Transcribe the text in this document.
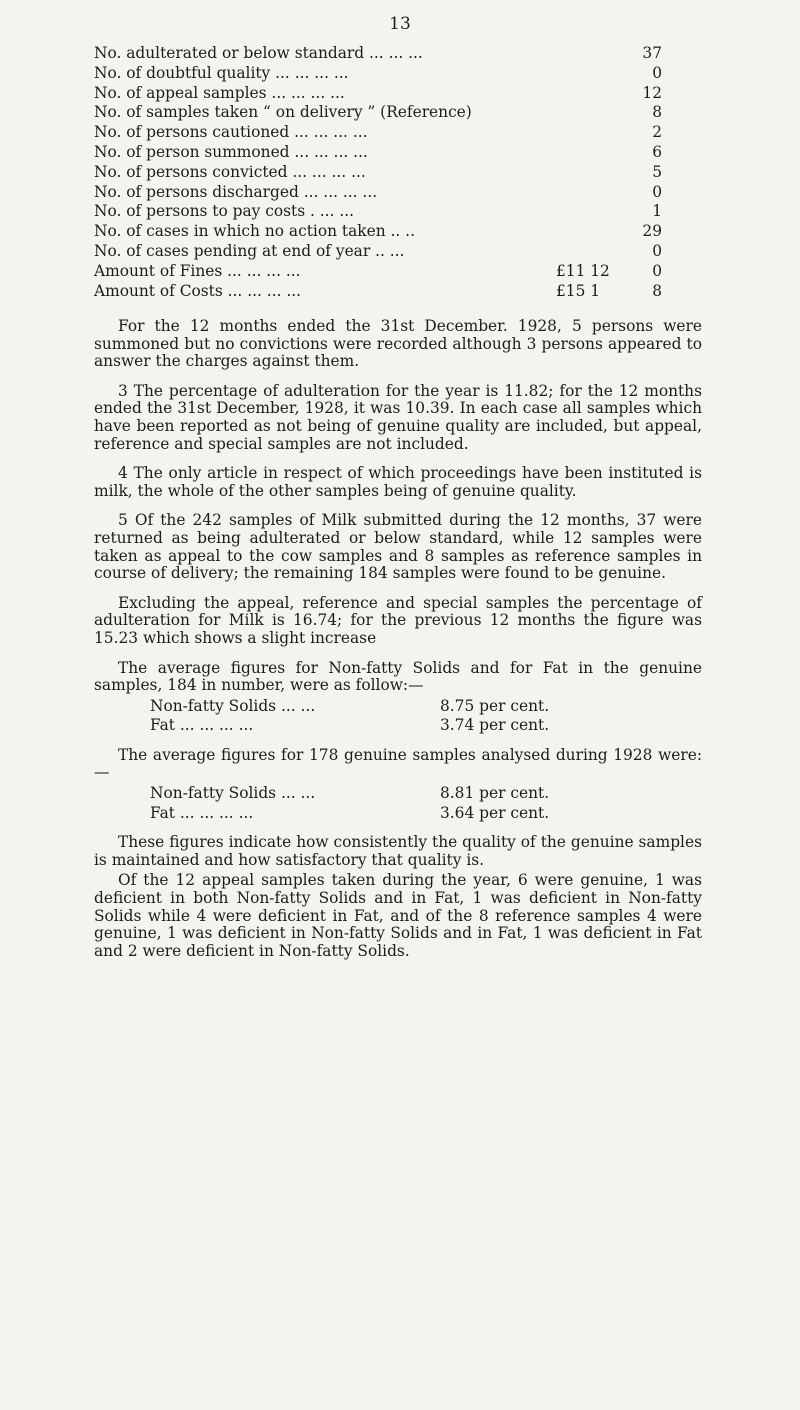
13
No. adulterated or below standard ... ... ...	37
No. of doubtful quality ... ... ... ...	0
No. of appeal samples ... ... ... ...	12
No. of samples taken “ on delivery ” (Reference)	8
No. of persons cautioned ... ... ... ...	2
No. of person summoned ... ... ... ...	6
No. of persons convicted ... ... ... ...	5
No. of persons discharged ... ... ... ...	0
No. of persons to pay costs . ... ...	1
No. of cases in which no action taken .. ..	29
No. of cases pending at end of year .. ...	0
Amount of Fines ... ... ... ...	£11 12	0
Amount of Costs ... ... ... ...	£15 1	8

For the 12 months ended the 31st December. 1928, 5 persons were summoned but no convictions were recorded although 3 persons appeared to answer the charges against them.

3 The percentage of adulteration for the year is 11.82; for the 12 months ended the 31st December, 1928, it was 10.39. In each case all samples which have been reported as not being of genuine quality are included, but appeal, reference and special samples are not included.

4 The only article in respect of which proceedings have been instituted is milk, the whole of the other samples being of genuine quality.

5 Of the 242 samples of Milk submitted during the 12 months, 37 were returned as being adulterated or below standard, while 12 samples were taken as appeal to the cow samples and 8 samples as reference samples in course of delivery; the remaining 184 samples were found to be genuine.

Excluding the appeal, reference and special samples the percentage of adulteration for Milk is 16.74; for the previous 12 months the figure was 15.23 which shows a slight increase

The average figures for Non-fatty Solids and for Fat in the genuine samples, 184 in number, were as follow:—

Non-fatty Solids ... ...	8.75 per cent.
Fat ... ... ... ...	3.74 per cent.

The average figures for 178 genuine samples analysed during 1928 were:—

Non-fatty Solids ... ...	8.81 per cent.
Fat ... ... ... ...	3.64 per cent.

These figures indicate how consistently the quality of the genuine samples is maintained and how satisfactory that quality is.

Of the 12 appeal samples taken during the year, 6 were genuine, 1 was deficient in both Non-fatty Solids and in Fat, 1 was deficient in Non-fatty Solids while 4 were deficient in Fat, and of the 8 reference samples 4 were genuine, 1 was deficient in Non-fatty Solids and in Fat, 1 was deficient in Fat and 2 were deficient in Non-fatty Solids.
